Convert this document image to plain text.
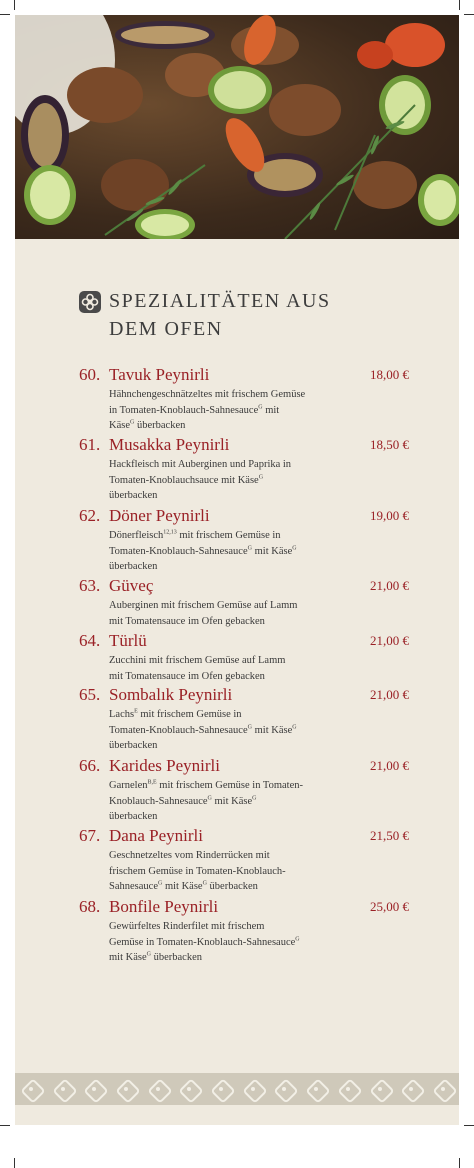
SPEZIALITÄTEN AUS
DEM OFEN
60. Tavuk Peynirli	18,00 €
Hähnchengeschnätzeltes mit frischem Gemüse
in Tomaten-Knoblauch-Sahnesauce$^G$ mit
Käse$^G$ überbacken
61. Musakka Peynirli	18,50 €
Hackfleisch mit Auberginen und Paprika in
Tomaten-Knoblauchsauce mit Käse$^G$
überbacken
62. Döner Peynirli	19,00 €
Dönerfleisch$^{12,13}$ mit frischem Gemüse in
Tomaten-Knoblauch-Sahnesauce$^G$ mit Käse$^G$
überbacken
63. Güveç	21,00 €
Auberginen mit frischem Gemüse auf Lamm
mit Tomatensauce im Ofen gebacken
64. Türlü	21,00 €
Zucchini mit frischem Gemüse auf Lamm
mit Tomatensauce im Ofen gebacken
65. Sombalık Peynirli	21,00 €
Lachs$^E$ mit frischem Gemüse in
Tomaten-Knoblauch-Sahnesauce$^G$ mit Käse$^G$
überbacken
66. Karides Peynirli	21,00 €
Garnelen$^{B,E}$ mit frischem Gemüse in Tomaten-
Knoblauch-Sahnesauce$^G$ mit Käse$^G$
überbacken
67. Dana Peynirli	21,50 €
Geschnetzeltes vom Rinderrücken mit
frischem Gemüse in Tomaten-Knoblauch-
Sahnesauce$^G$ mit Käse$^G$ überbacken
68. Bonfile Peynirli	25,00 €
Gewürfeltes Rinderfilet mit frischem
Gemüse in Tomaten-Knoblauch-Sahnesauce$^G$
mit Käse$^G$ überbacken
